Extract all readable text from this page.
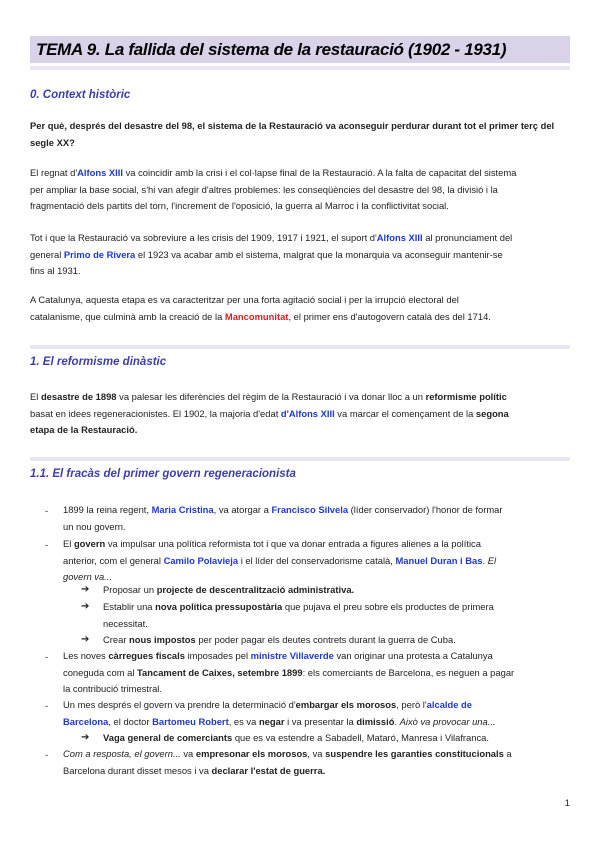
TEMA 9. La fallida del sistema de la restauració (1902 - 1931)
0. Context històric
Per què, després del desastre del 98, el sistema de la Restauració va aconseguir perdurar durant tot el primer terç del segle XX?
El regnat d'Alfons XIII va coincidir amb la crisi i el col·lapse final de la Restauració. A la falta de capacitat del sistema
per ampliar la base social, s'hi van afegir d'altres problemes: les conseqüències del desastre del 98, la divisió i la
fragmentació dels partits del torn, l'increment de l'oposició, la guerra al Marroc i la conflictivitat social.
Tot i que la Restauració va sobreviure a les crisis del 1909, 1917 i 1921, el suport d'Alfons XIII al pronunciament del
general Primo de Rivera el 1923 va acabar amb el sistema, malgrat que la monarquia va aconseguir mantenir-se
fins al 1931.
A Catalunya, aquesta etapa es va caracteritzar per una forta agitació social i per la irrupció electoral del
catalanisme, que culminà amb la creació de la Mancomunitat, el primer ens d'autogovern català des del 1714.
1. El reformisme dinàstic
El desastre de 1898 va palesar les diferències del règim de la Restauració i va donar lloc a un reformisme polític
basat en idees regeneracionistes. El 1902, la majoria d'edat d'Alfons XIII va marcar el començament de la segona
etapa de la Restauració.
1.1. El fracàs del primer govern regeneracionista
- 1899 la reina regent, Maria Cristina, va atorgar a Francisco Silvela (líder conservador) l'honor de formar
un nou govern.
- El govern va impulsar una política reformista tot i que va donar entrada a figures alienes a la política
anterior, com el general Camilo Polavieja i el líder del conservadorisme català, Manuel Duran i Bas. El
govern va...
➔ Proposar un projecte de descentralització administrativa.
➔ Establir una nova política pressupostària que pujava el preu sobre els productes de primera
necessitat.
➔ Crear nous impostos per poder pagar els deutes contrets durant la guerra de Cuba.
- Les noves càrregues fiscals imposades pel ministre Villaverde van originar una protesta a Catalunya
coneguda com al Tancament de Caixes, setembre 1899: els comerciants de Barcelona, es neguen a pagar
la contribució trimestral.
- Un mes després el govern va prendre la determinació d'embargar els morosos, però l'alcalde de
Barcelona, el doctor Bartomeu Robert, es va negar i va presentar la dimissió. Això va provocar una...
➔ Vaga general de comerciants que es va estendre a Sabadell, Mataró, Manresa i Vilafranca.
- Com a resposta, el govern... va empresonar els morosos, va suspendre les garanties constitucionals a
Barcelona durant disset mesos i va declarar l'estat de guerra.
1
